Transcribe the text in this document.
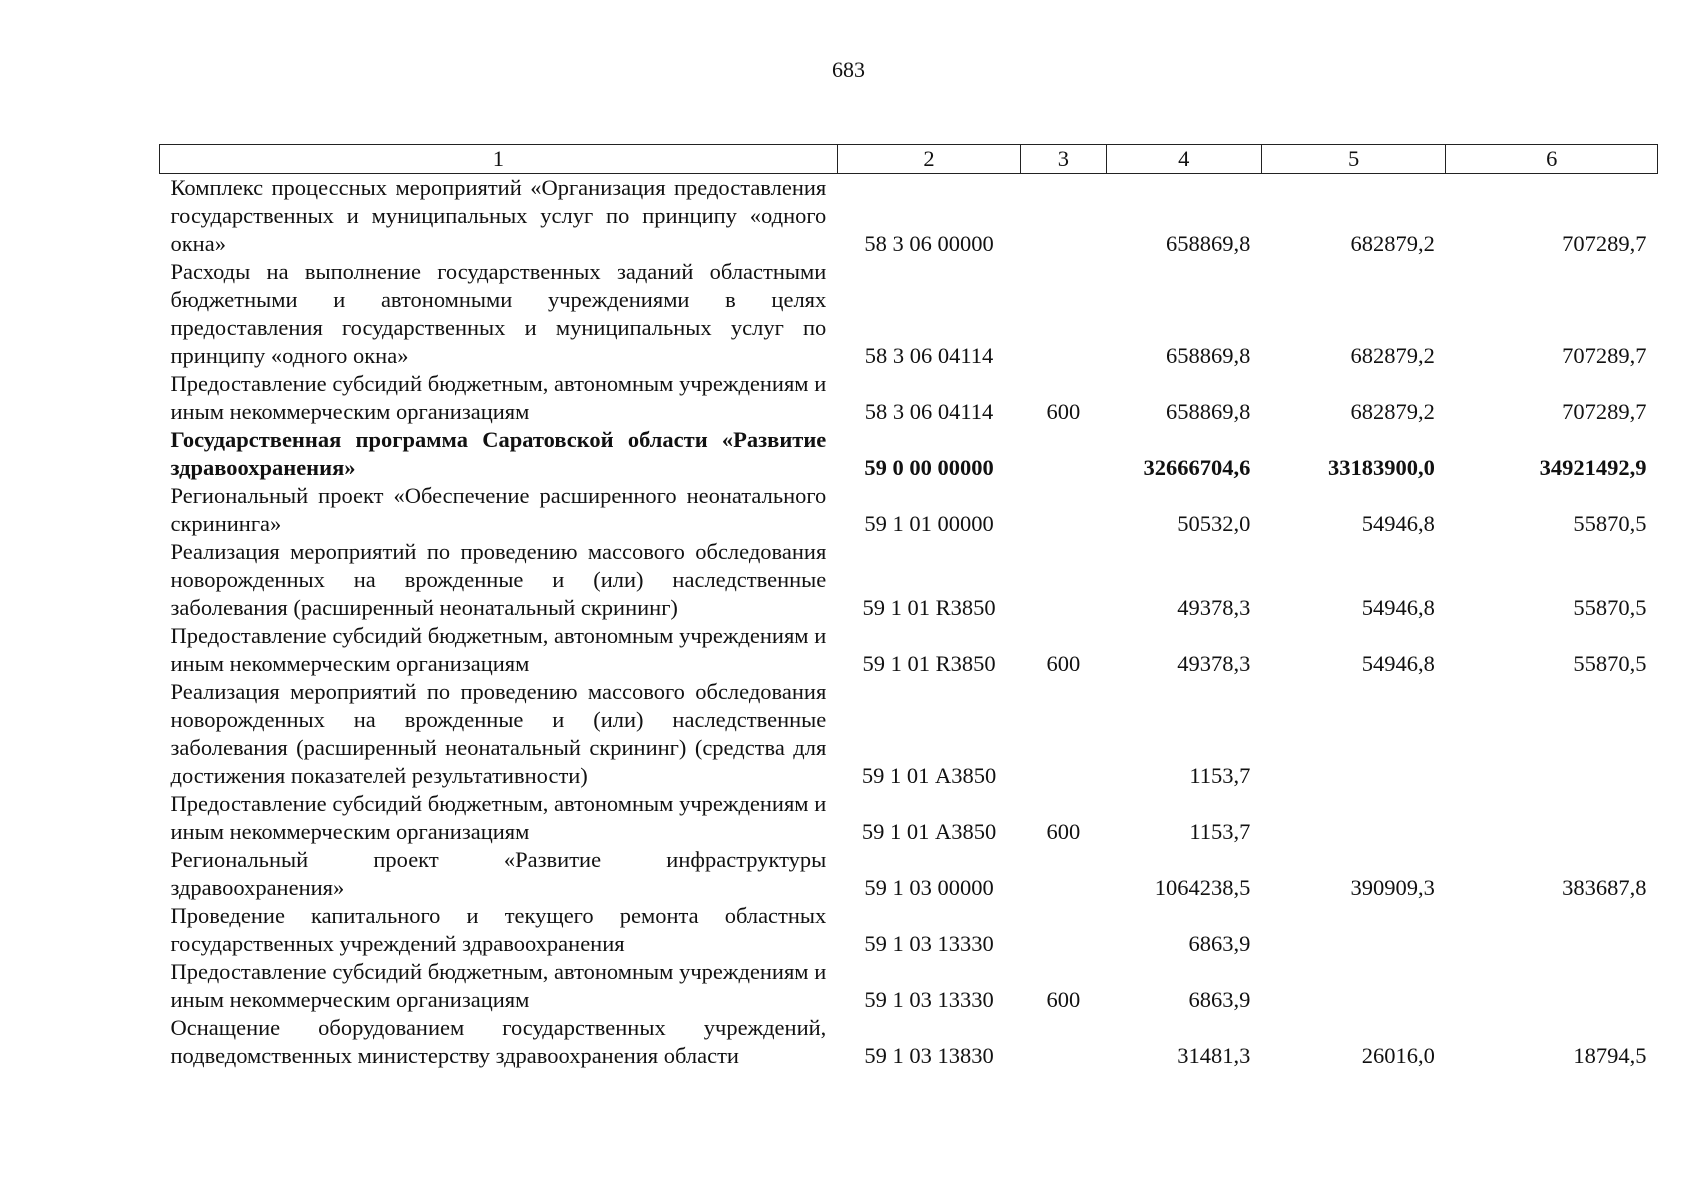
683
1	2	3	4	5	6
Комплекс процессных мероприятий «Организация предоставления государственных и муниципальных услуг по принципу «одного окна»	58 3 06 00000		658869,8	682879,2	707289,7
Расходы на выполнение государственных заданий областными бюджетными и автономными учреждениями в целях предоставления государственных и муниципальных услуг по принципу «одного окна»	58 3 06 04114		658869,8	682879,2	707289,7
Предоставление субсидий бюджетным, автономным учреждениям и иным некоммерческим организациям	58 3 06 04114	600	658869,8	682879,2	707289,7
Государственная программа Саратовской области «Развитие здравоохранения»	59 0 00 00000		32666704,6	33183900,0	34921492,9
Региональный проект «Обеспечение расширенного неонатального скрининга»	59 1 01 00000		50532,0	54946,8	55870,5
Реализация мероприятий по проведению массового обследования новорожденных на врожденные и (или) наследственные заболевания (расширенный неонатальный скрининг)	59 1 01 R3850		49378,3	54946,8	55870,5
Предоставление субсидий бюджетным, автономным учреждениям и иным некоммерческим организациям	59 1 01 R3850	600	49378,3	54946,8	55870,5
Реализация мероприятий по проведению массового обследования новорожденных на врожденные и (или) наследственные заболевания (расширенный неонатальный скрининг) (средства для достижения показателей результативности)	59 1 01 А3850		1153,7		
Предоставление субсидий бюджетным, автономным учреждениям и иным некоммерческим организациям	59 1 01 А3850	600	1153,7		
Региональный проект «Развитие инфраструктуры здравоохранения»	59 1 03 00000		1064238,5	390909,3	383687,8
Проведение капитального и текущего ремонта областных государственных учреждений здравоохранения	59 1 03 13330		6863,9		
Предоставление субсидий бюджетным, автономным учреждениям и иным некоммерческим организациям	59 1 03 13330	600	6863,9		
Оснащение оборудованием государственных учреждений, подведомственных министерству здравоохранения области	59 1 03 13830		31481,3	26016,0	18794,5
